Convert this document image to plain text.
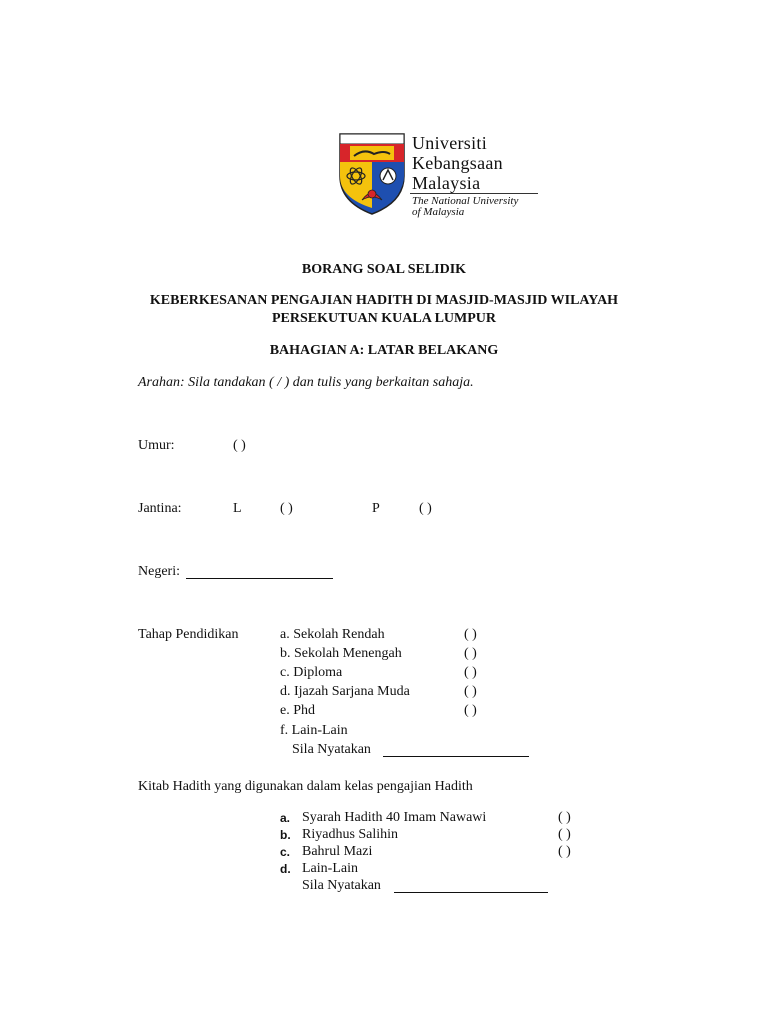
Universiti
Kebangsaan
Malaysia
The National University
of Malaysia
BORANG SOAL SELIDIK
KEBERKESANAN PENGAJIAN HADITH DI MASJID-MASJID WILAYAH
PERSEKUTUAN KUALA LUMPUR
BAHAGIAN A: LATAR BELAKANG
Arahan: Sila tandakan ( / ) dan tulis yang berkaitan sahaja.
Umur:	( )
Jantina:	L	( )	P	( )
Negeri:
Tahap Pendidikan	a. Sekolah Rendah	( )
b. Sekolah Menengah	( )
c. Diploma	( )
d. Ijazah Sarjana Muda	( )
e. Phd	( )
f. Lain-Lain
Sila Nyatakan
Kitab Hadith yang digunakan dalam kelas pengajian Hadith
a. Syarah Hadith 40 Imam Nawawi	( )
b. Riyadhus Salihin	( )
c. Bahrul Mazi	( )
d. Lain-Lain
Sila Nyatakan
